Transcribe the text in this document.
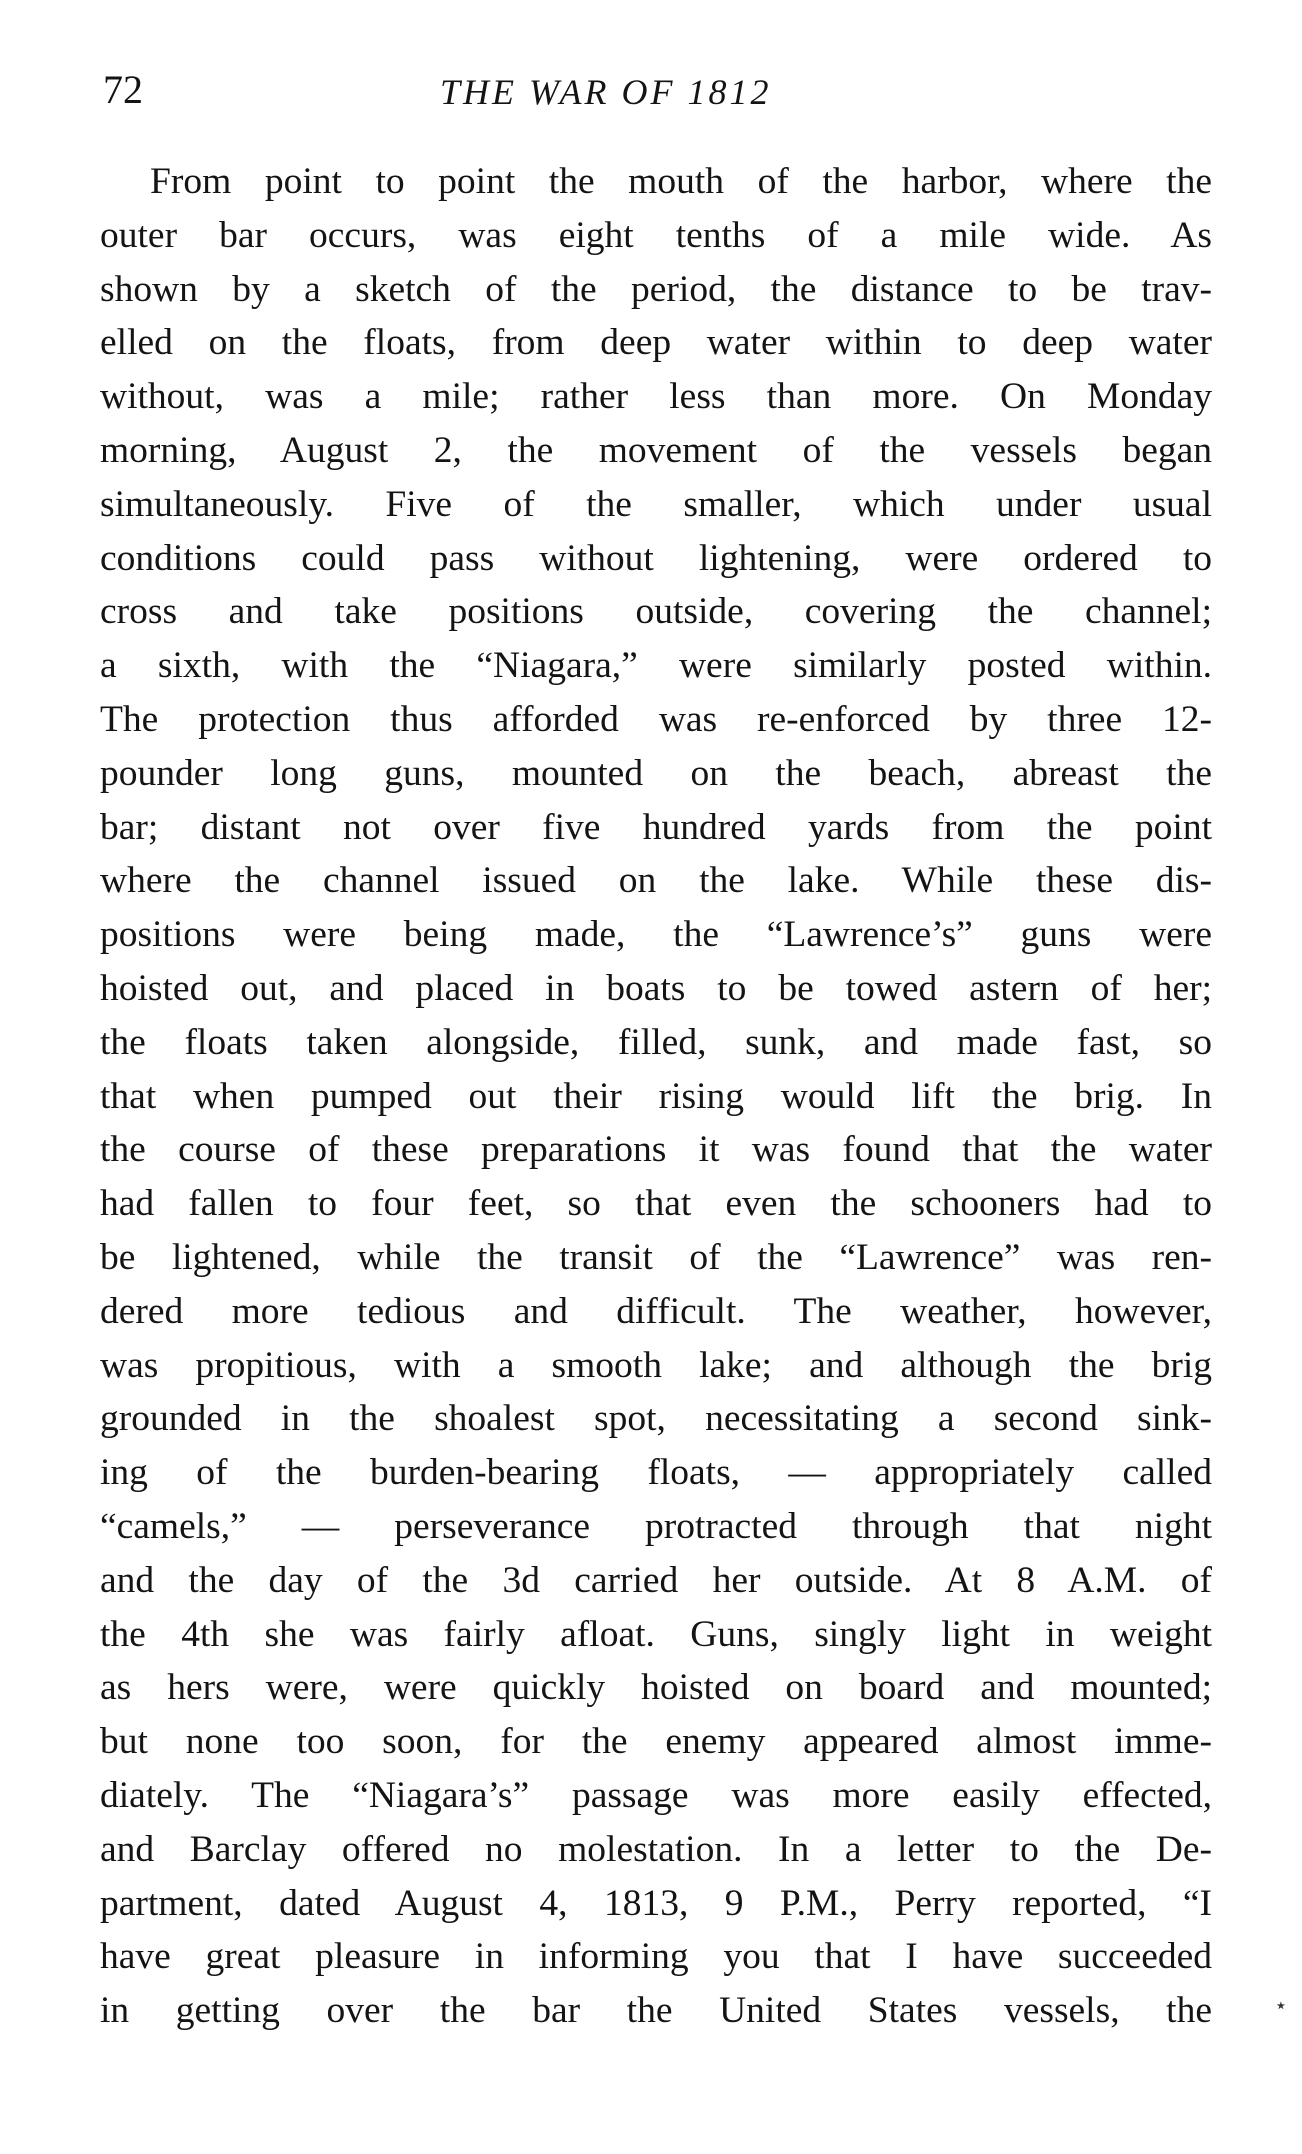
72	THE WAR OF 1812
From point to point the mouth of the harbor, where the
outer bar occurs, was eight tenths of a mile wide. As
shown by a sketch of the period, the distance to be trav-
elled on the floats, from deep water within to deep water
without, was a mile; rather less than more. On Monday
morning, August 2, the movement of the vessels began
simultaneously. Five of the smaller, which under usual
conditions could pass without lightening, were ordered to
cross and take positions outside, covering the channel;
a sixth, with the “Niagara,” were similarly posted within.
The protection thus afforded was re-enforced by three 12-
pounder long guns, mounted on the beach, abreast the
bar; distant not over five hundred yards from the point
where the channel issued on the lake. While these dis-
positions were being made, the “Lawrence’s” guns were
hoisted out, and placed in boats to be towed astern of her;
the floats taken alongside, filled, sunk, and made fast, so
that when pumped out their rising would lift the brig. In
the course of these preparations it was found that the water
had fallen to four feet, so that even the schooners had to
be lightened, while the transit of the “Lawrence” was ren-
dered more tedious and difficult. The weather, however,
was propitious, with a smooth lake; and although the brig
grounded in the shoalest spot, necessitating a second sink-
ing of the burden-bearing floats, — appropriately called
“camels,” — perseverance protracted through that night
and the day of the 3d carried her outside. At 8 A.M. of
the 4th she was fairly afloat. Guns, singly light in weight
as hers were, were quickly hoisted on board and mounted;
but none too soon, for the enemy appeared almost imme-
diately. The “Niagara’s” passage was more easily effected,
and Barclay offered no molestation. In a letter to the De-
partment, dated August 4, 1813, 9 P.M., Perry reported, “I
have great pleasure in informing you that I have succeeded
in getting over the bar the United States vessels, the	٭
